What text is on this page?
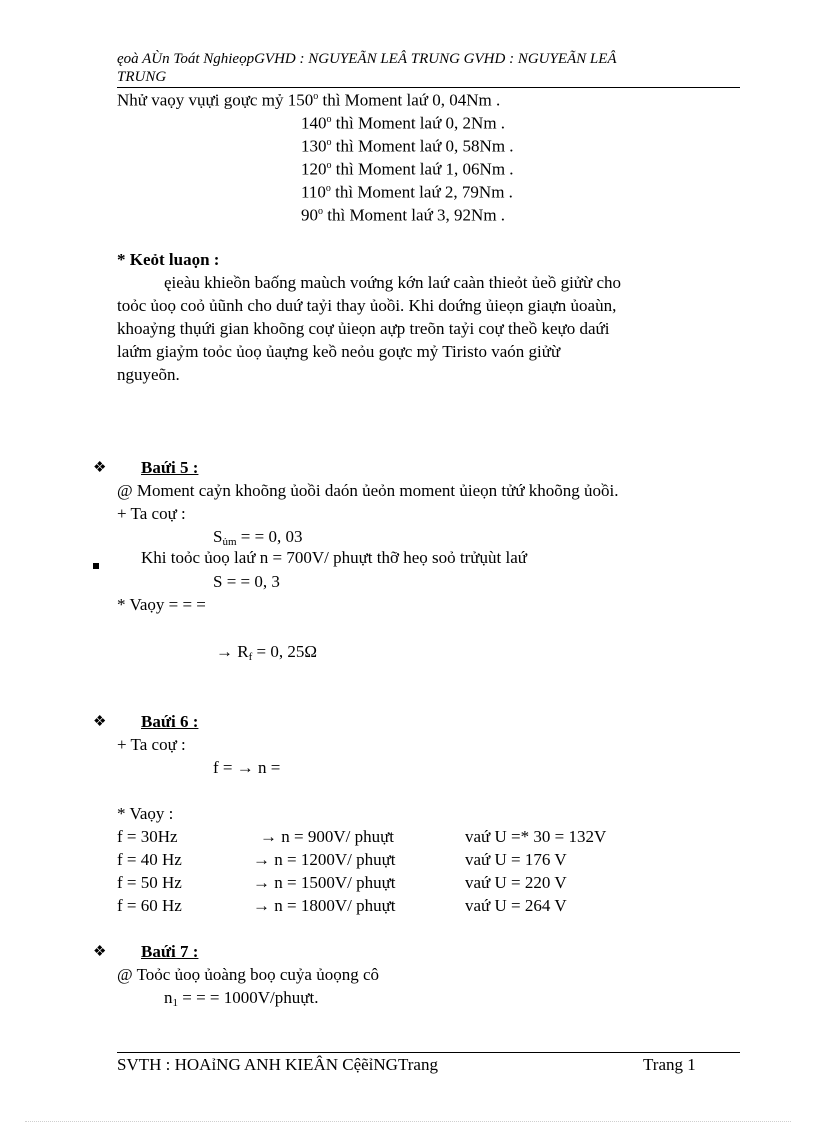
ęoà AÙn Toát NghieọpGVHD : NGUYEÃN LEÂ TRUNG GVHD : NGUYEÃN LEÂ
TRUNG
Nhử vaọy vụựi goực mỷ 150$^o$ thì Moment laứ 0, 04Nm .
140$^o$ thì Moment laứ 0, 2Nm .
130$^o$ thì Moment laứ 0, 58Nm .
120$^o$ thì Moment laứ 1, 06Nm .
110$^o$ thì Moment laứ 2, 79Nm .
90$^o$ thì Moment laứ 3, 92Nm .
* Keỏt luaọn :
ęieàu khieồn baống maùch voứng kớn laứ caàn thieỏt ủeồ giửừ cho
toỏc ủoọ coỏ ủũnh cho duứ taỷi thay ủoồi. Khi doứng ủieọn giaựn ủoaùn,
khoaỷng thụứi gian khoõng coự ủieọn aựp treõn taỷi coự theồ keựo daứi
laứm giaỷm toỏc ủoọ ủaựng keồ neỏu goực mỷ Tiristo vaón giửừ
nguyeõn.
❖ Baứi 5 :
@ Moment caỷn khoõng ủoồi daón ủeỏn moment ủieọn tửứ khoõng ủoồi.
+ Ta coự :
$S_{ủm}$ = = 0, 03
Khi toỏc ủoọ laứ n = 700V/ phuựt thỡ heọ soỏ trửụùt laứ
S = = 0, 3
* Vaọy = = =
→ $R_f = 0$, 25Ω
❖ Baứi 6 :
+ Ta coự :
f = → n =
* Vaọy :
f = 30Hz	→ n = 900V/ phuựt	vaứ U =* 30 = 132V
f = 40 Hz	→ n = 1200V/ phuựt	vaứ U = 176 V
f = 50 Hz	→ n = 1500V/ phuựt	vaứ U = 220 V
f = 60 Hz	→ n = 1800V/ phuựt	vaứ U = 264 V
❖ Baứi 7 :
@ Toỏc ủoọ ủoàng boọ cuỷa ủoọng cô
$n_1$ = = = 1000V/phuựt.
SVTH : HOAỉNG ANH KIEÂN CệẽỉNGTrang	Trang 1
